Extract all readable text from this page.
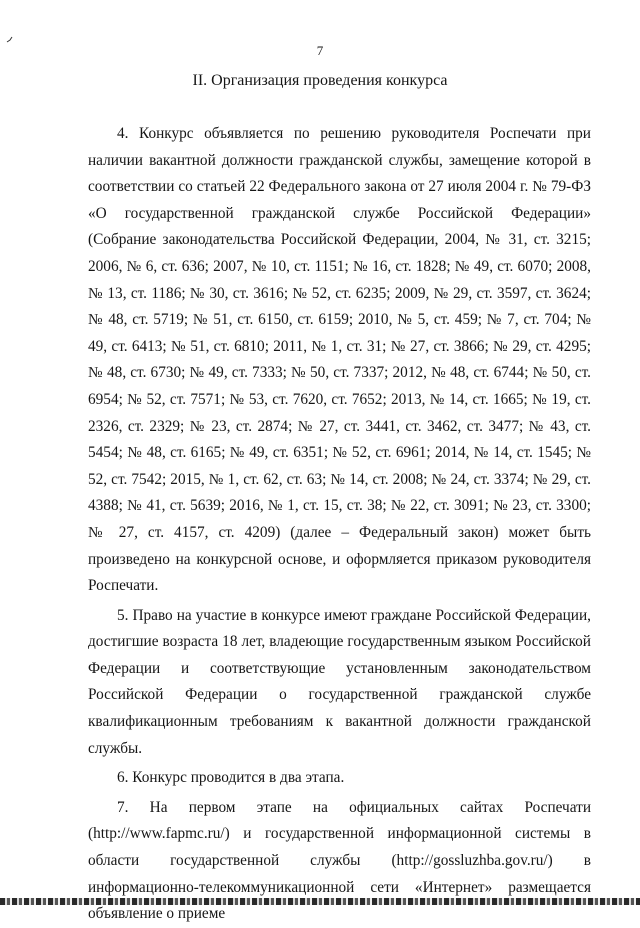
7
II. Организация проведения конкурса

4. Конкурс объявляется по решению руководителя Роспечати при наличии вакантной должности гражданской службы, замещение которой в соответствии со статьей 22 Федерального закона от 27 июля 2004 г. № 79-ФЗ «О государственной гражданской службе Российской Федерации» (Собрание законодательства Российской Федерации, 2004, № 31, ст. 3215; 2006, № 6, ст. 636; 2007, № 10, ст. 1151; № 16, ст. 1828; № 49, ст. 6070; 2008, № 13, ст. 1186; № 30, ст. 3616; № 52, ст. 6235; 2009, № 29, ст. 3597, ст. 3624; № 48, ст. 5719; № 51, ст. 6150, ст. 6159; 2010, № 5, ст. 459; № 7, ст. 704; № 49, ст. 6413; № 51, ст. 6810; 2011, № 1, ст. 31; № 27, ст. 3866; № 29, ст. 4295; № 48, ст. 6730; № 49, ст. 7333; № 50, ст. 7337; 2012, № 48, ст. 6744; № 50, ст. 6954; № 52, ст. 7571; № 53, ст. 7620, ст. 7652; 2013, № 14, ст. 1665; № 19, ст. 2326, ст. 2329; № 23, ст. 2874; № 27, ст. 3441, ст. 3462, ст. 3477; № 43, ст. 5454; № 48, ст. 6165; № 49, ст. 6351; № 52, ст. 6961; 2014, № 14, ст. 1545; № 52, ст. 7542; 2015, № 1, ст. 62, ст. 63; № 14, ст. 2008; № 24, ст. 3374; № 29, ст. 4388; № 41, ст. 5639; 2016, № 1, ст. 15, ст. 38; № 22, ст. 3091; № 23, ст. 3300; № 27, ст. 4157, ст. 4209) (далее – Федеральный закон) может быть произведено на конкурсной основе, и оформляется приказом руководителя Роспечати.

5. Право на участие в конкурсе имеют граждане Российской Федерации, достигшие возраста 18 лет, владеющие государственным языком Российской Федерации и соответствующие установленным законодательством Российской Федерации о государственной гражданской службе квалификационным требованиям к вакантной должности гражданской службы.

6. Конкурс проводится в два этапа.

7. На первом этапе на официальных сайтах Роспечати (http://www.fapmc.ru/) и государственной информационной системы в области государственной службы (http://gossluzhba.gov.ru/) в информационно-телекоммуникационной сети «Интернет» размещается объявление о приеме
